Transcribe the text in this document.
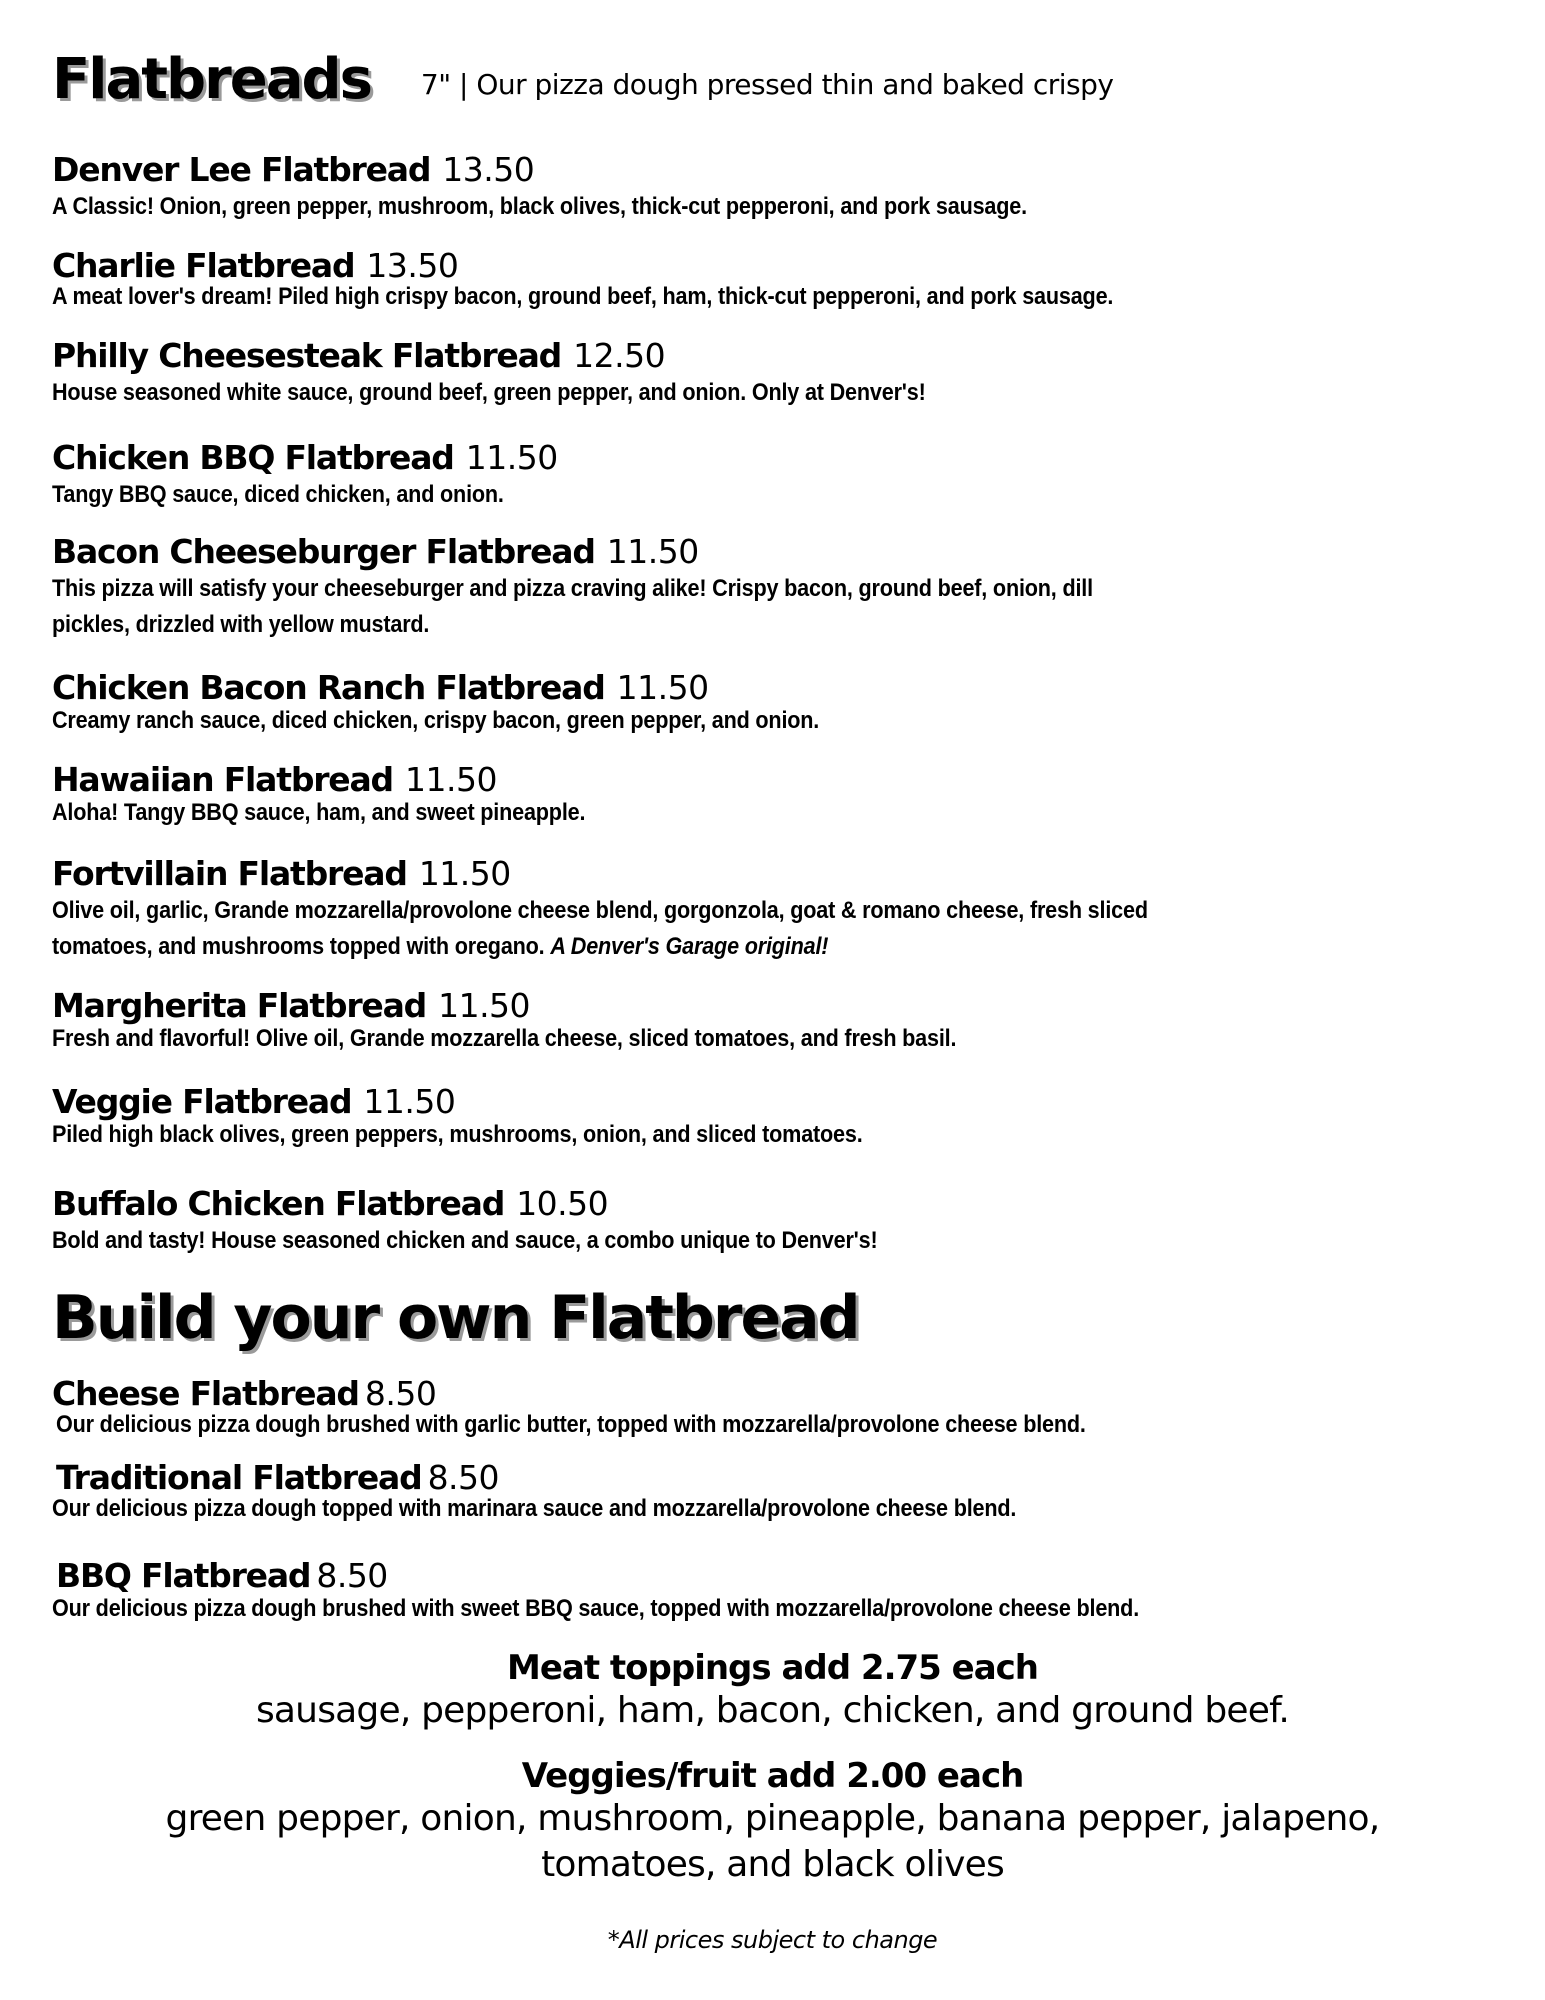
Flatbreads 7" | Our pizza dough pressed thin and baked crispy
Denver Lee Flatbread 13.50
A Classic! Onion, green pepper, mushroom, black olives, thick-cut pepperoni, and pork sausage.
Charlie Flatbread 13.50
A meat lover's dream! Piled high crispy bacon, ground beef, ham, thick-cut pepperoni, and pork sausage.
Philly Cheesesteak Flatbread 12.50
House seasoned white sauce, ground beef, green pepper, and onion. Only at Denver's!
Chicken BBQ Flatbread 11.50
Tangy BBQ sauce, diced chicken, and onion.
Bacon Cheeseburger Flatbread 11.50
This pizza will satisfy your cheeseburger and pizza craving alike! Crispy bacon, ground beef, onion, dill
pickles, drizzled with yellow mustard.
Chicken Bacon Ranch Flatbread 11.50
Creamy ranch sauce, diced chicken, crispy bacon, green pepper, and onion.
Hawaiian Flatbread 11.50
Aloha! Tangy BBQ sauce, ham, and sweet pineapple.
Fortvillain Flatbread 11.50
Olive oil, garlic, Grande mozzarella/provolone cheese blend, gorgonzola, goat & romano cheese, fresh sliced
tomatoes, and mushrooms topped with oregano. A Denver's Garage original!
Margherita Flatbread 11.50
Fresh and flavorful! Olive oil, Grande mozzarella cheese, sliced tomatoes, and fresh basil.
Veggie Flatbread 11.50
Piled high black olives, green peppers, mushrooms, onion, and sliced tomatoes.
Buffalo Chicken Flatbread 10.50
Bold and tasty! House seasoned chicken and sauce, a combo unique to Denver's!
Build your own Flatbread
Cheese Flatbread 8.50
Our delicious pizza dough brushed with garlic butter, topped with mozzarella/provolone cheese blend.
Traditional Flatbread 8.50
Our delicious pizza dough topped with marinara sauce and mozzarella/provolone cheese blend.
BBQ Flatbread 8.50
Our delicious pizza dough brushed with sweet BBQ sauce, topped with mozzarella/provolone cheese blend.
Meat toppings add 2.75 each
sausage, pepperoni, ham, bacon, chicken, and ground beef.
Veggies/fruit add 2.00 each
green pepper, onion, mushroom, pineapple, banana pepper, jalapeno,
tomatoes, and black olives
*All prices subject to change
